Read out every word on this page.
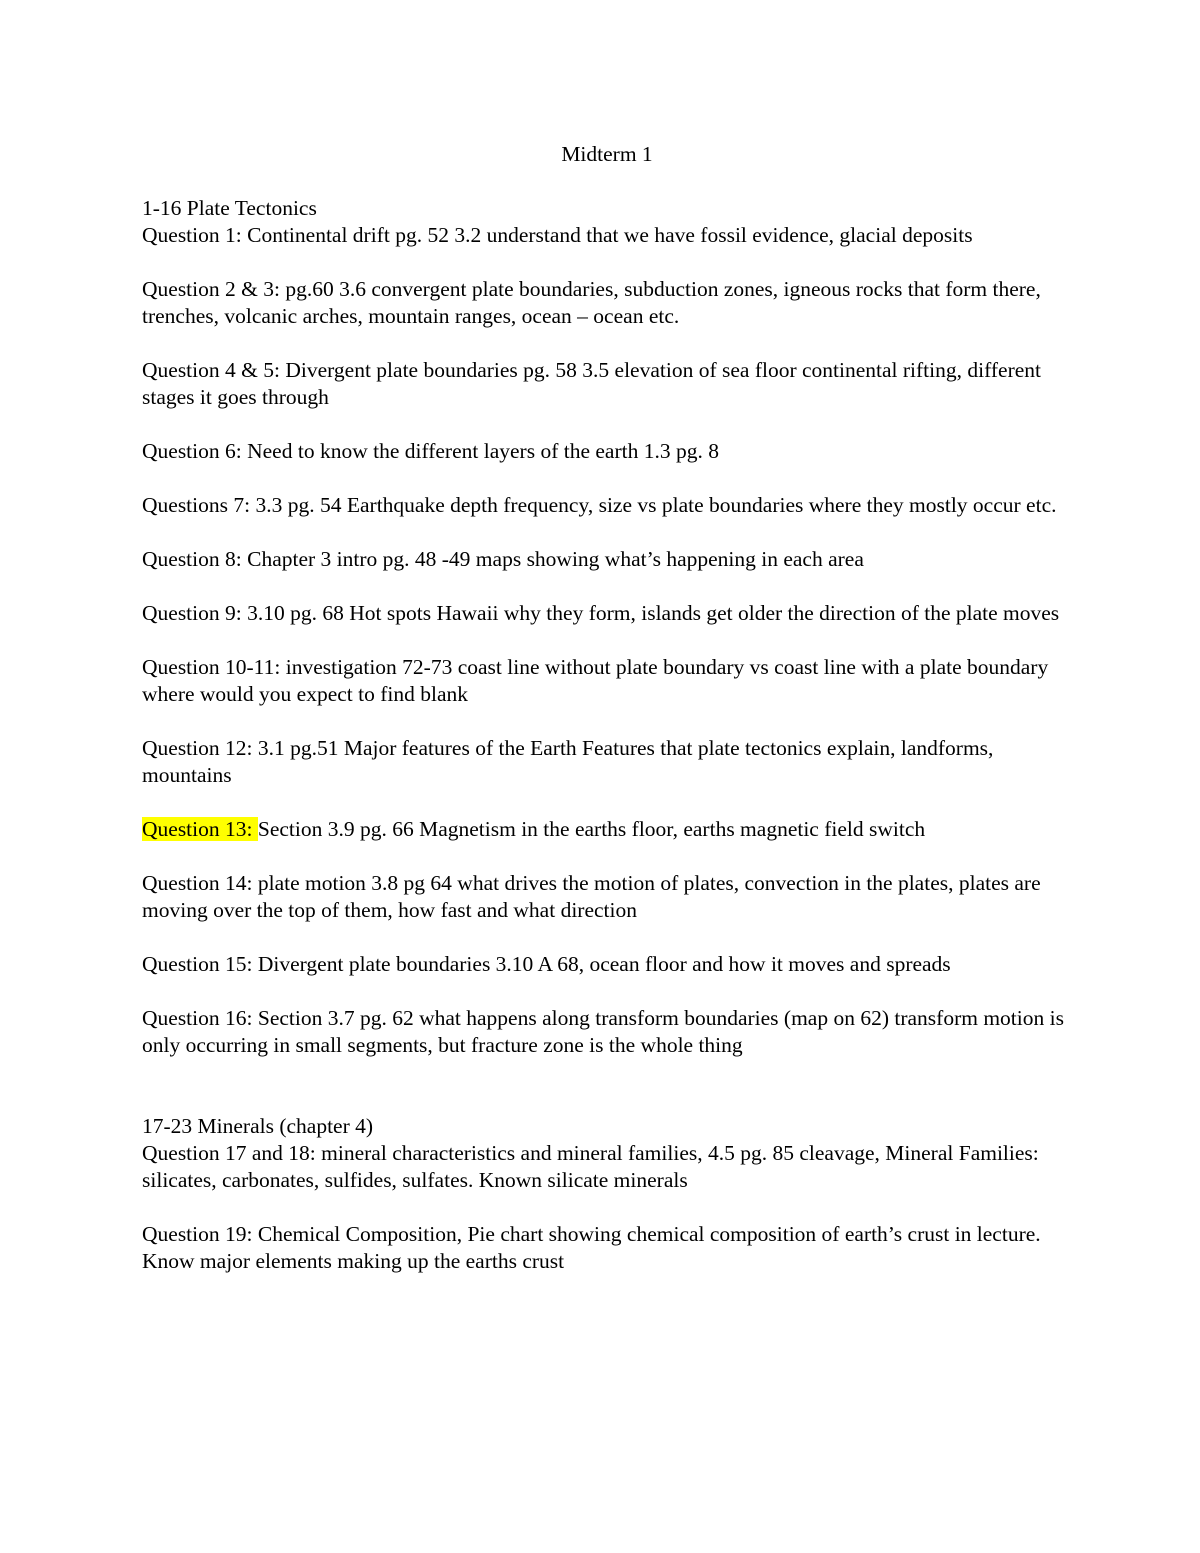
Midterm 1
1-16 Plate Tectonics

Question 1: Continental drift pg. 52 3.2 understand that we have fossil evidence, glacial deposits

Question 2 & 3: pg.60 3.6 convergent plate boundaries, subduction zones, igneous rocks that form there, trenches, volcanic arches, mountain ranges, ocean – ocean etc.

Question 4 & 5: Divergent plate boundaries pg. 58 3.5 elevation of sea floor continental rifting, different stages it goes through

Question 6: Need to know the different layers of the earth 1.3 pg. 8

Questions 7: 3.3 pg. 54 Earthquake depth frequency, size vs plate boundaries where they mostly occur etc.

Question 8: Chapter 3 intro pg. 48 -49 maps showing what’s happening in each area

Question 9: 3.10 pg. 68 Hot spots Hawaii why they form, islands get older the direction of the plate moves

Question 10-11: investigation 72-73 coast line without plate boundary vs coast line with a plate boundary where would you expect to find blank

Question 12: 3.1 pg.51 Major features of the Earth Features that plate tectonics explain, landforms, mountains

Question 13: Section 3.9 pg. 66 Magnetism in the earths floor, earths magnetic field switch

Question 14: plate motion 3.8 pg 64 what drives the motion of plates, convection in the plates, plates are moving over the top of them, how fast and what direction

Question 15: Divergent plate boundaries 3.10 A 68, ocean floor and how it moves and spreads

Question 16: Section 3.7 pg. 62 what happens along transform boundaries (map on 62) transform motion is only occurring in small segments, but fracture zone is the whole thing

17-23 Minerals (chapter 4)

Question 17 and 18: mineral characteristics and mineral families, 4.5 pg. 85 cleavage, Mineral Families: silicates, carbonates, sulfides, sulfates. Known silicate minerals

Question 19: Chemical Composition, Pie chart showing chemical composition of earth’s crust in lecture. Know major elements making up the earths crust
